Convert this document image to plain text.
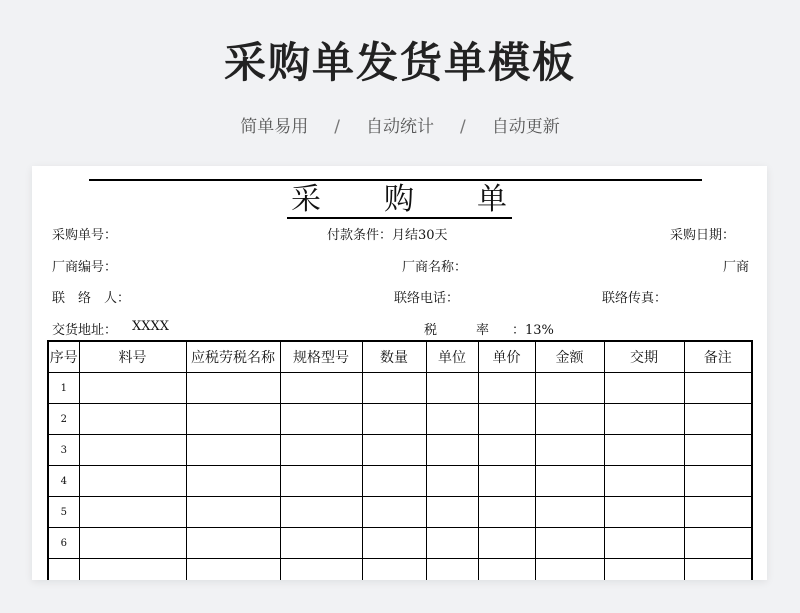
采购单发货单模板
简单易用 / 自动统计 / 自动更新
采　　购　　单
采购单号：	付款条件：月结30天	采购日期：
厂商编号：	厂商名称：	厂商
联　络　人：	联络电话：	联络传真：
交货地址： XXXX	税　　　率 ：13%
序号	料号	应税劳税名称	规格型号	数量	单位	单价	金额	交期	备注
1									
2									
3									
4									
5									
6									
